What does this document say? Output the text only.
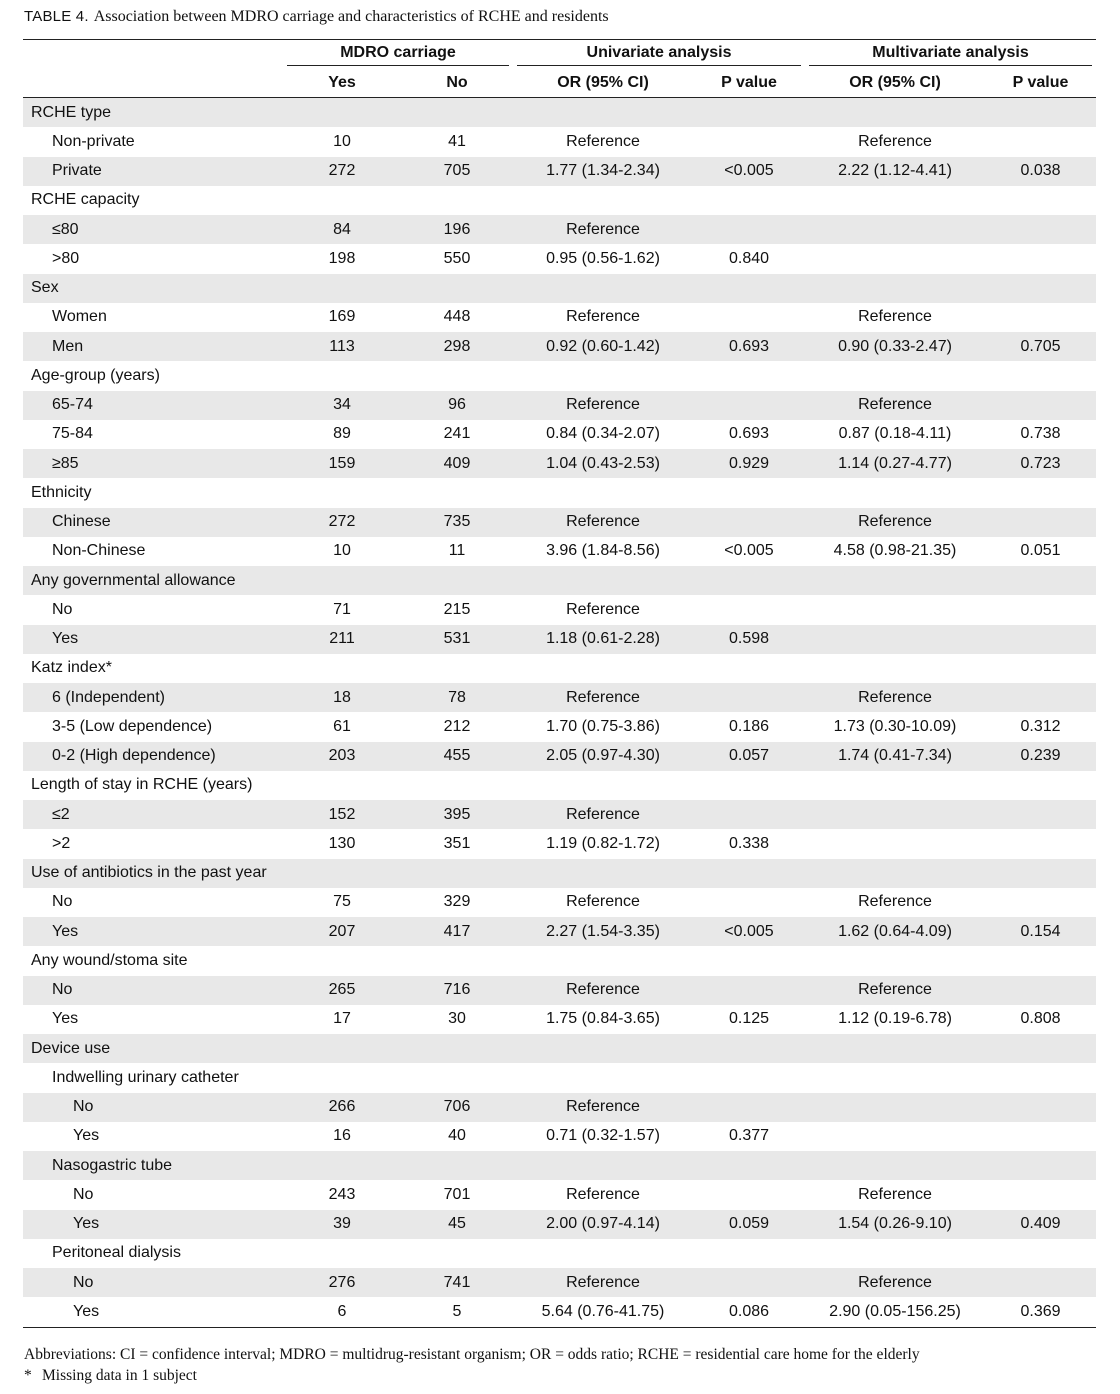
TABLE 4. Association between MDRO carriage and characteristics of RCHE and residents

	MDRO carriage		Univariate analysis		Multivariate analysis	

	Yes	No	OR (95% CI)	P value	OR (95% CI)	P value
RCHE type						
Non-private	10	41	Reference		Reference	
Private	272	705	1.77 (1.34-2.34)	<0.005	2.22 (1.12-4.41)	0.038
RCHE capacity						
≤80	84	196	Reference			
>80	198	550	0.95 (0.56-1.62)	0.840		
Sex						
Women	169	448	Reference		Reference	
Men	113	298	0.92 (0.60-1.42)	0.693	0.90 (0.33-2.47)	0.705
Age-group (years)						
65-74	34	96	Reference		Reference	
75-84	89	241	0.84 (0.34-2.07)	0.693	0.87 (0.18-4.11)	0.738
≥85	159	409	1.04 (0.43-2.53)	0.929	1.14 (0.27-4.77)	0.723
Ethnicity						
Chinese	272	735	Reference		Reference	
Non-Chinese	10	11	3.96 (1.84-8.56)	<0.005	4.58 (0.98-21.35)	0.051
Any governmental allowance						
No	71	215	Reference			
Yes	211	531	1.18 (0.61-2.28)	0.598		
Katz index*						
6 (Independent)	18	78	Reference		Reference	
3-5 (Low dependence)	61	212	1.70 (0.75-3.86)	0.186	1.73 (0.30-10.09)	0.312
0-2 (High dependence)	203	455	2.05 (0.97-4.30)	0.057	1.74 (0.41-7.34)	0.239
Length of stay in RCHE (years)						
≤2	152	395	Reference			
>2	130	351	1.19 (0.82-1.72)	0.338		
Use of antibiotics in the past year						
No	75	329	Reference		Reference	
Yes	207	417	2.27 (1.54-3.35)	<0.005	1.62 (0.64-4.09)	0.154
Any wound/stoma site						
No	265	716	Reference		Reference	
Yes	17	30	1.75 (0.84-3.65)	0.125	1.12 (0.19-6.78)	0.808
Device use						
Indwelling urinary catheter						
No	266	706	Reference			
Yes	16	40	0.71 (0.32-1.57)	0.377		
Nasogastric tube						
No	243	701	Reference		Reference	
Yes	39	45	2.00 (0.97-4.14)	0.059	1.54 (0.26-9.10)	0.409
Peritoneal dialysis						
No	276	741	Reference		Reference	
Yes	6	5	5.64 (0.76-41.75)	0.086	2.90 (0.05-156.25)	0.369
Abbreviations: CI = confidence interval; MDRO = multidrug-resistant organism; OR = odds ratio; RCHE = residential care home for the elderly
* Missing data in 1 subject
